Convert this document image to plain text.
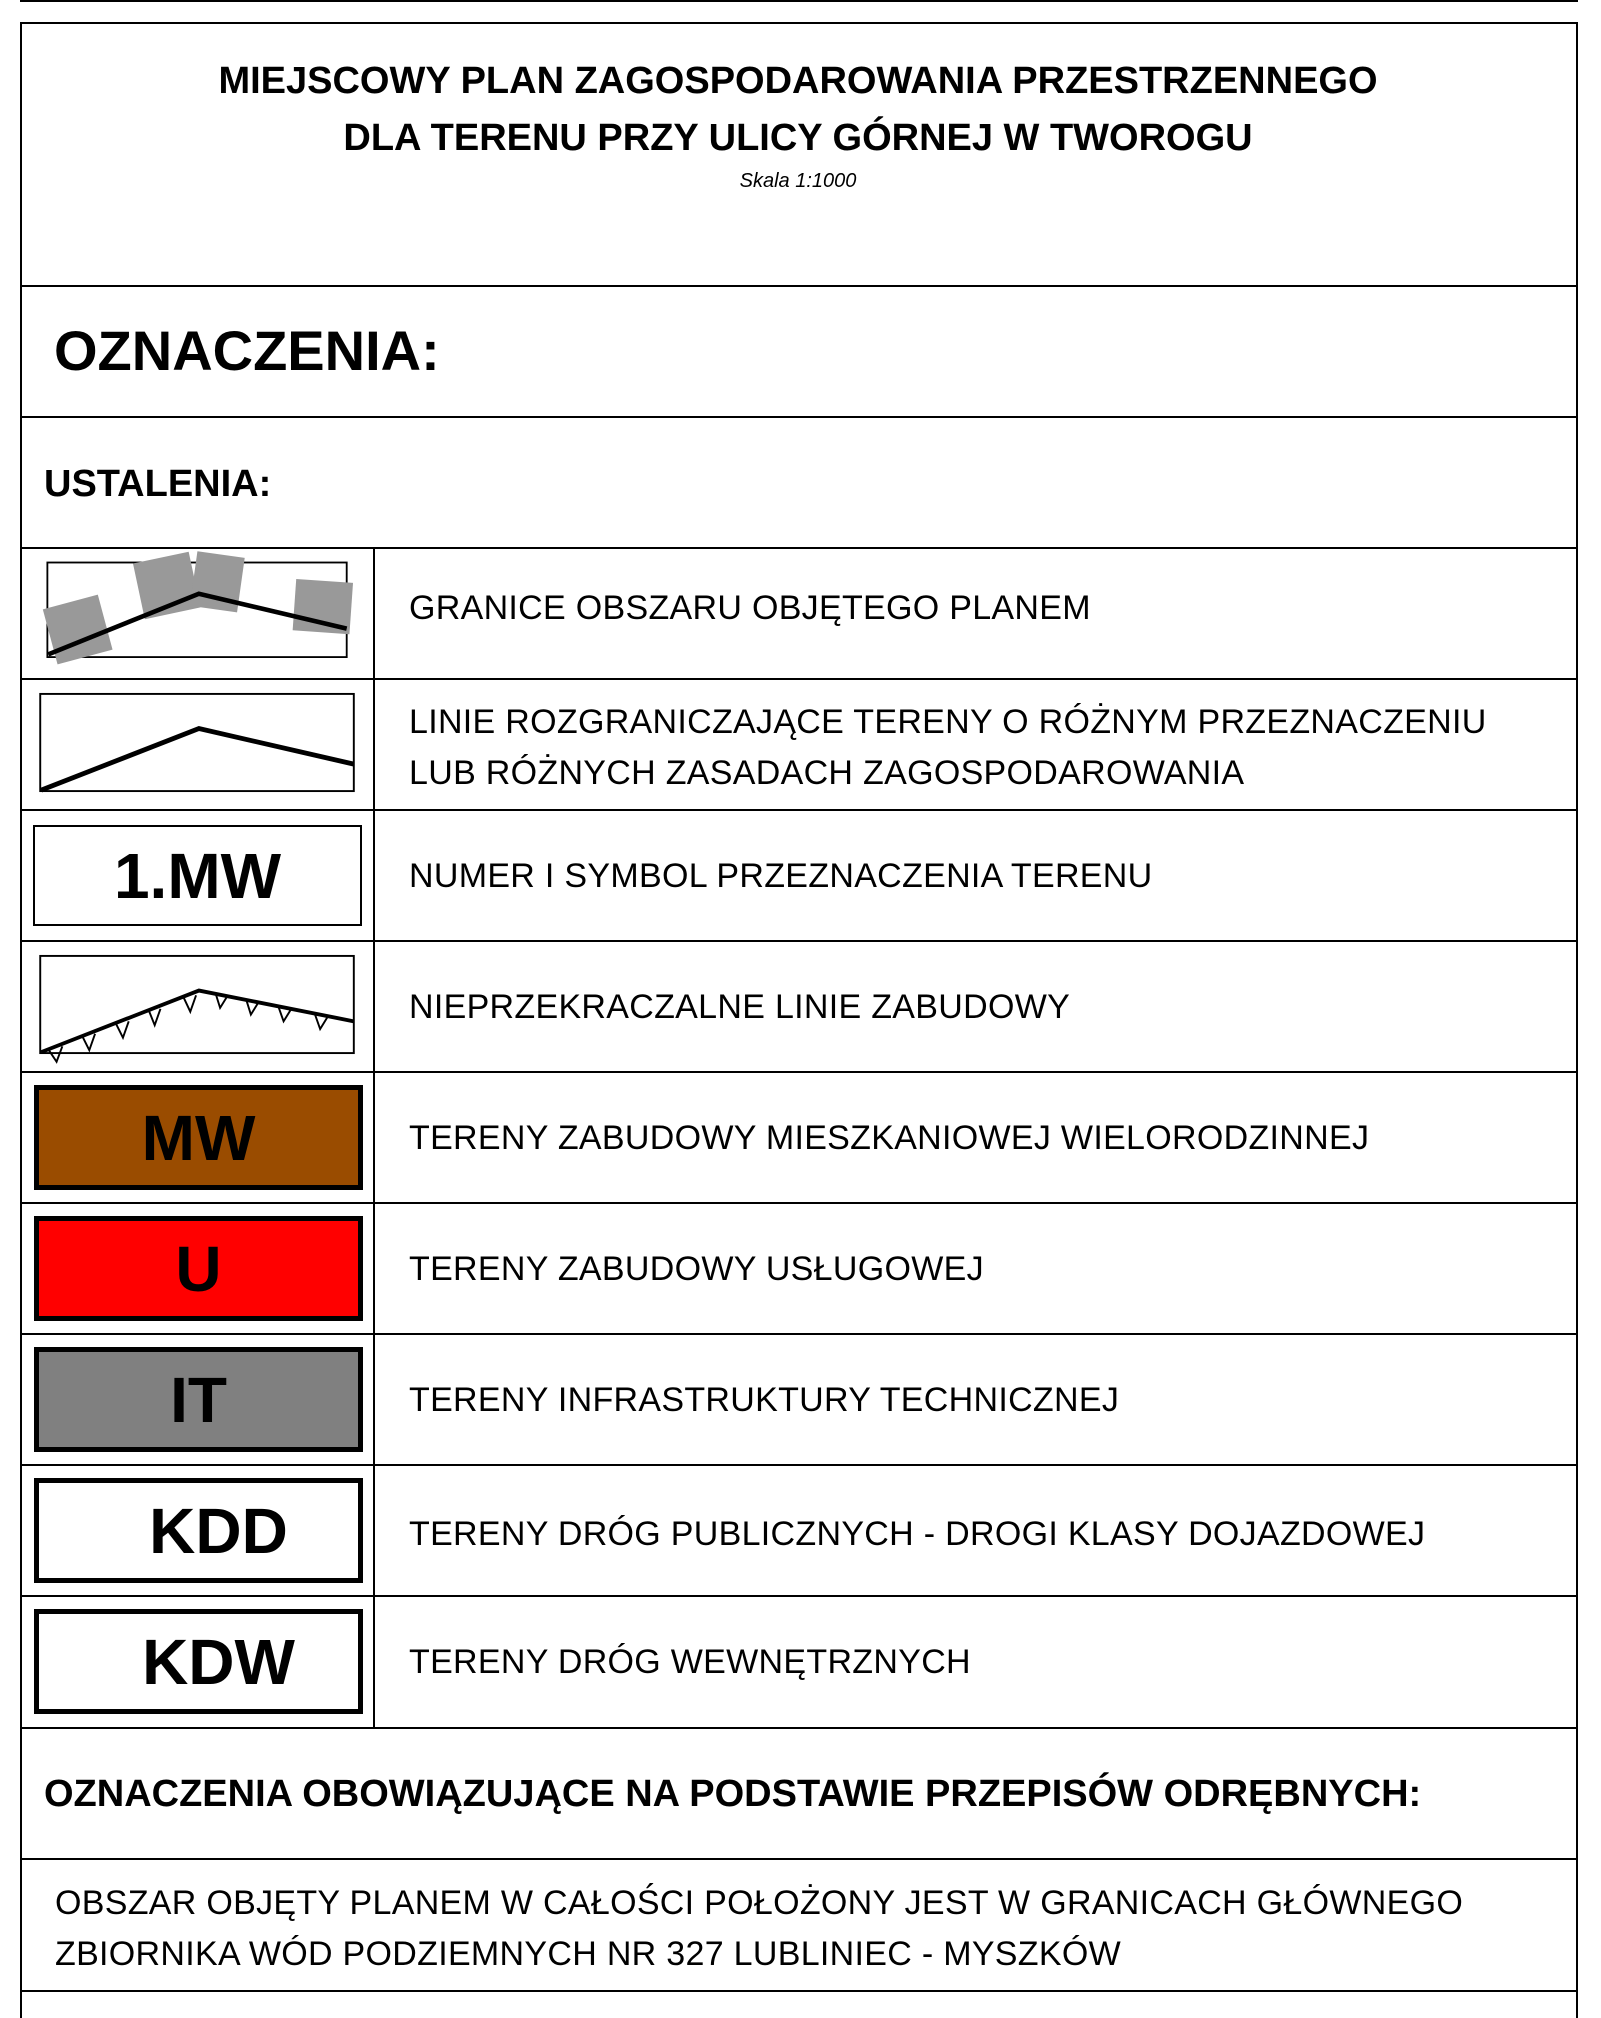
MIEJSCOWY PLAN ZAGOSPODAROWANIA PRZESTRZENNEGO
DLA TERENU PRZY ULICY GÓRNEJ W TWOROGU
Skala 1:1000
OZNACZENIA:
USTALENIA:
GRANICE OBSZARU OBJĘTEGO PLANEM
LINIE ROZGRANICZAJĄCE TERENY O RÓŻNYM PRZEZNACZENIU
LUB RÓŻNYCH ZASADACH ZAGOSPODAROWANIA
1.MW	NUMER I SYMBOL PRZEZNACZENIA TERENU
NIEPRZEKRACZALNE LINIE ZABUDOWY
MW	TERENY ZABUDOWY MIESZKANIOWEJ WIELORODZINNEJ
U	TERENY ZABUDOWY USŁUGOWEJ
IT	TERENY INFRASTRUKTURY TECHNICZNEJ
KDD	TERENY DRÓG PUBLICZNYCH - DROGI KLASY DOJAZDOWEJ
KDW	TERENY DRÓG WEWNĘTRZNYCH
OZNACZENIA OBOWIĄZUJĄCE NA PODSTAWIE PRZEPISÓW ODRĘBNYCH:
OBSZAR OBJĘTY PLANEM W CAŁOŚCI POŁOŻONY JEST W GRANICACH GŁÓWNEGO
ZBIORNIKA WÓD PODZIEMNYCH NR 327 LUBLINIEC - MYSZKÓW
